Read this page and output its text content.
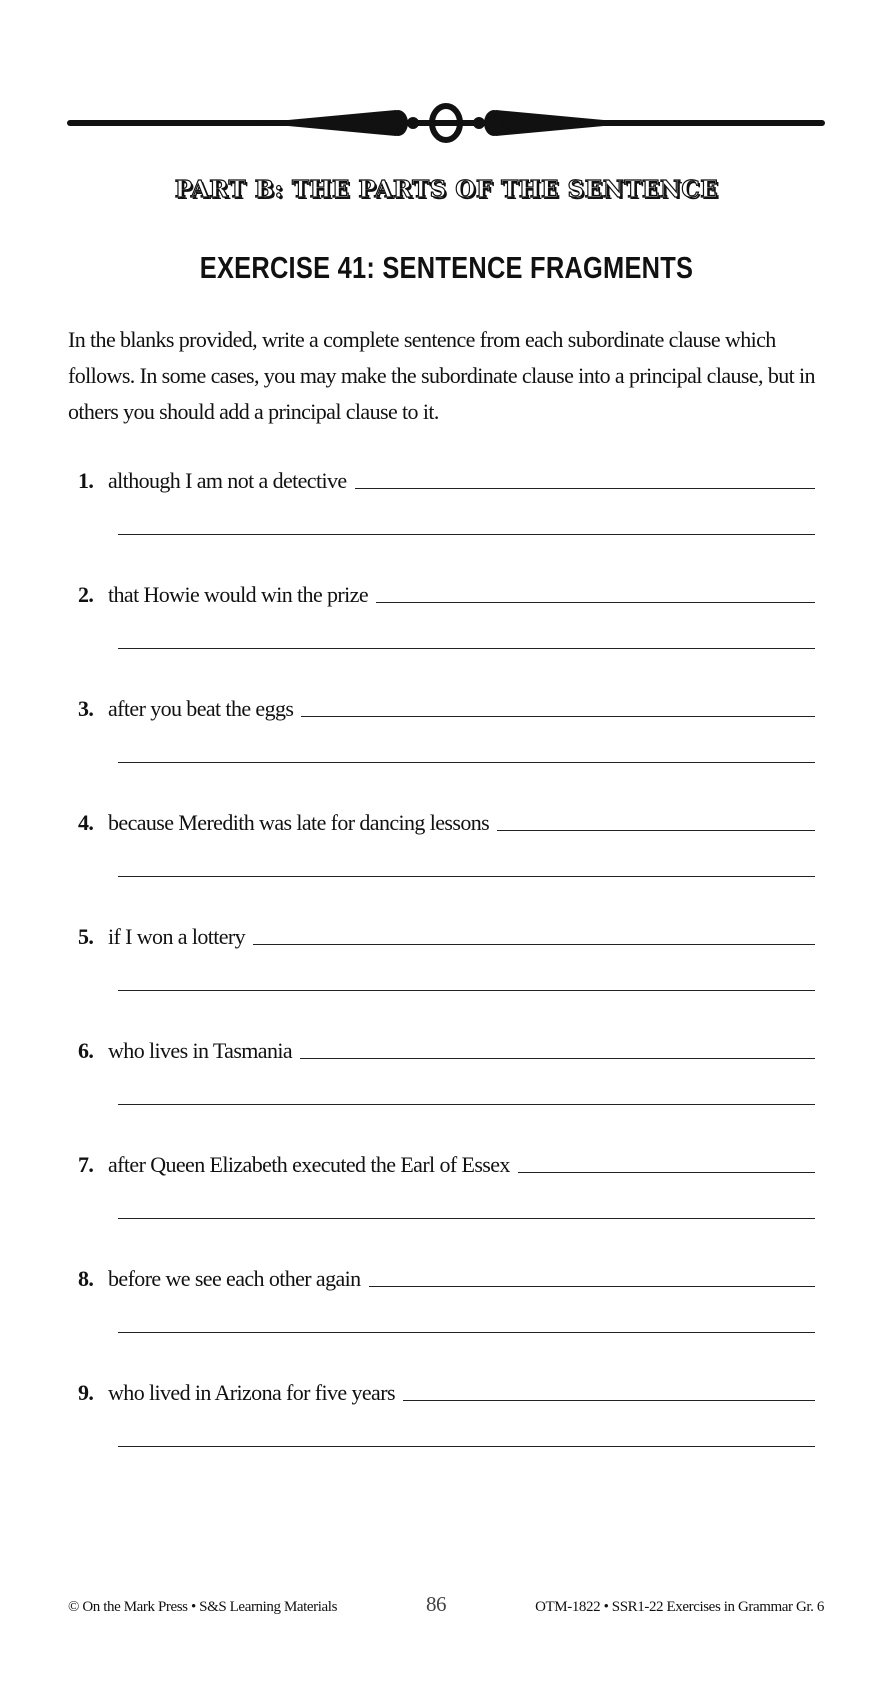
PART B: THE PARTS OF THE SENTENCE
EXERCISE 41: SENTENCE FRAGMENTS
In the blanks provided, write a complete sentence from each subordinate clause which follows. In some cases, you may make the subordinate clause into a principal clause, but in others you should add a principal clause to it.
1. although I am not a detective
2. that Howie would win the prize
3. after you beat the eggs
4. because Meredith was late for dancing lessons
5. if I won a lottery
6. who lives in Tasmania
7. after Queen Elizabeth executed the Earl of Essex
8. before we see each other again
9. who lived in Arizona for five years
© On the Mark Press • S&S Learning Materials	86	OTM-1822 • SSR1-22 Exercises in Grammar Gr. 6
